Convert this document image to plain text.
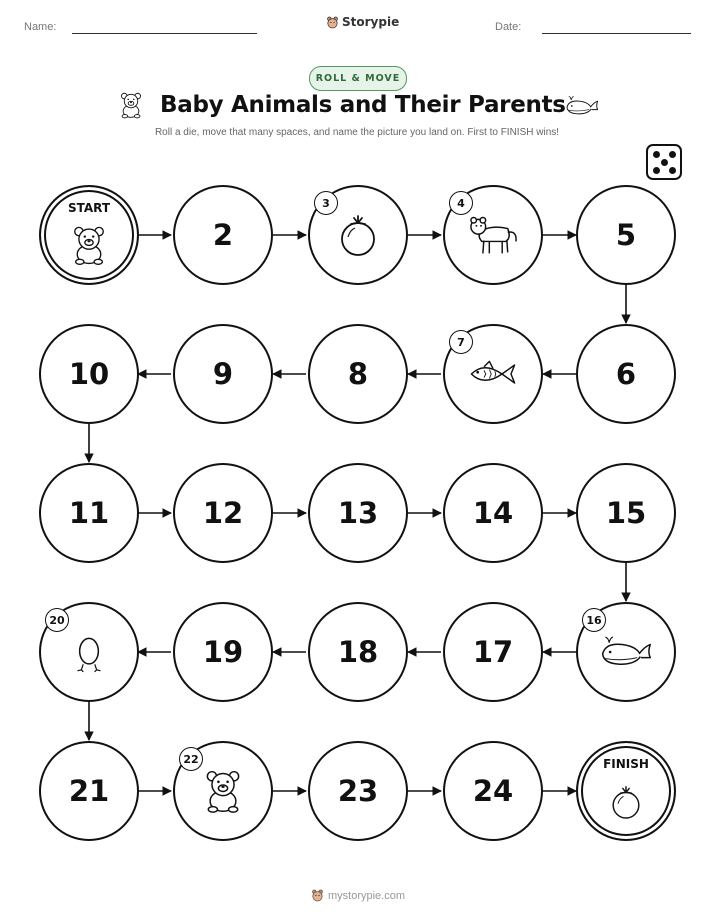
Name:	Storypie	Date:
ROLL & MOVE
Baby Animals and Their Parents
Roll a die, move that many spaces, and name the picture you land on. First to FINISH wins!
START
2
3	4
5
10	9	8
7
6
11	12	13	14	15
20
19	18	17
16
21
22
23	24
FINISH
mystorypie.com
